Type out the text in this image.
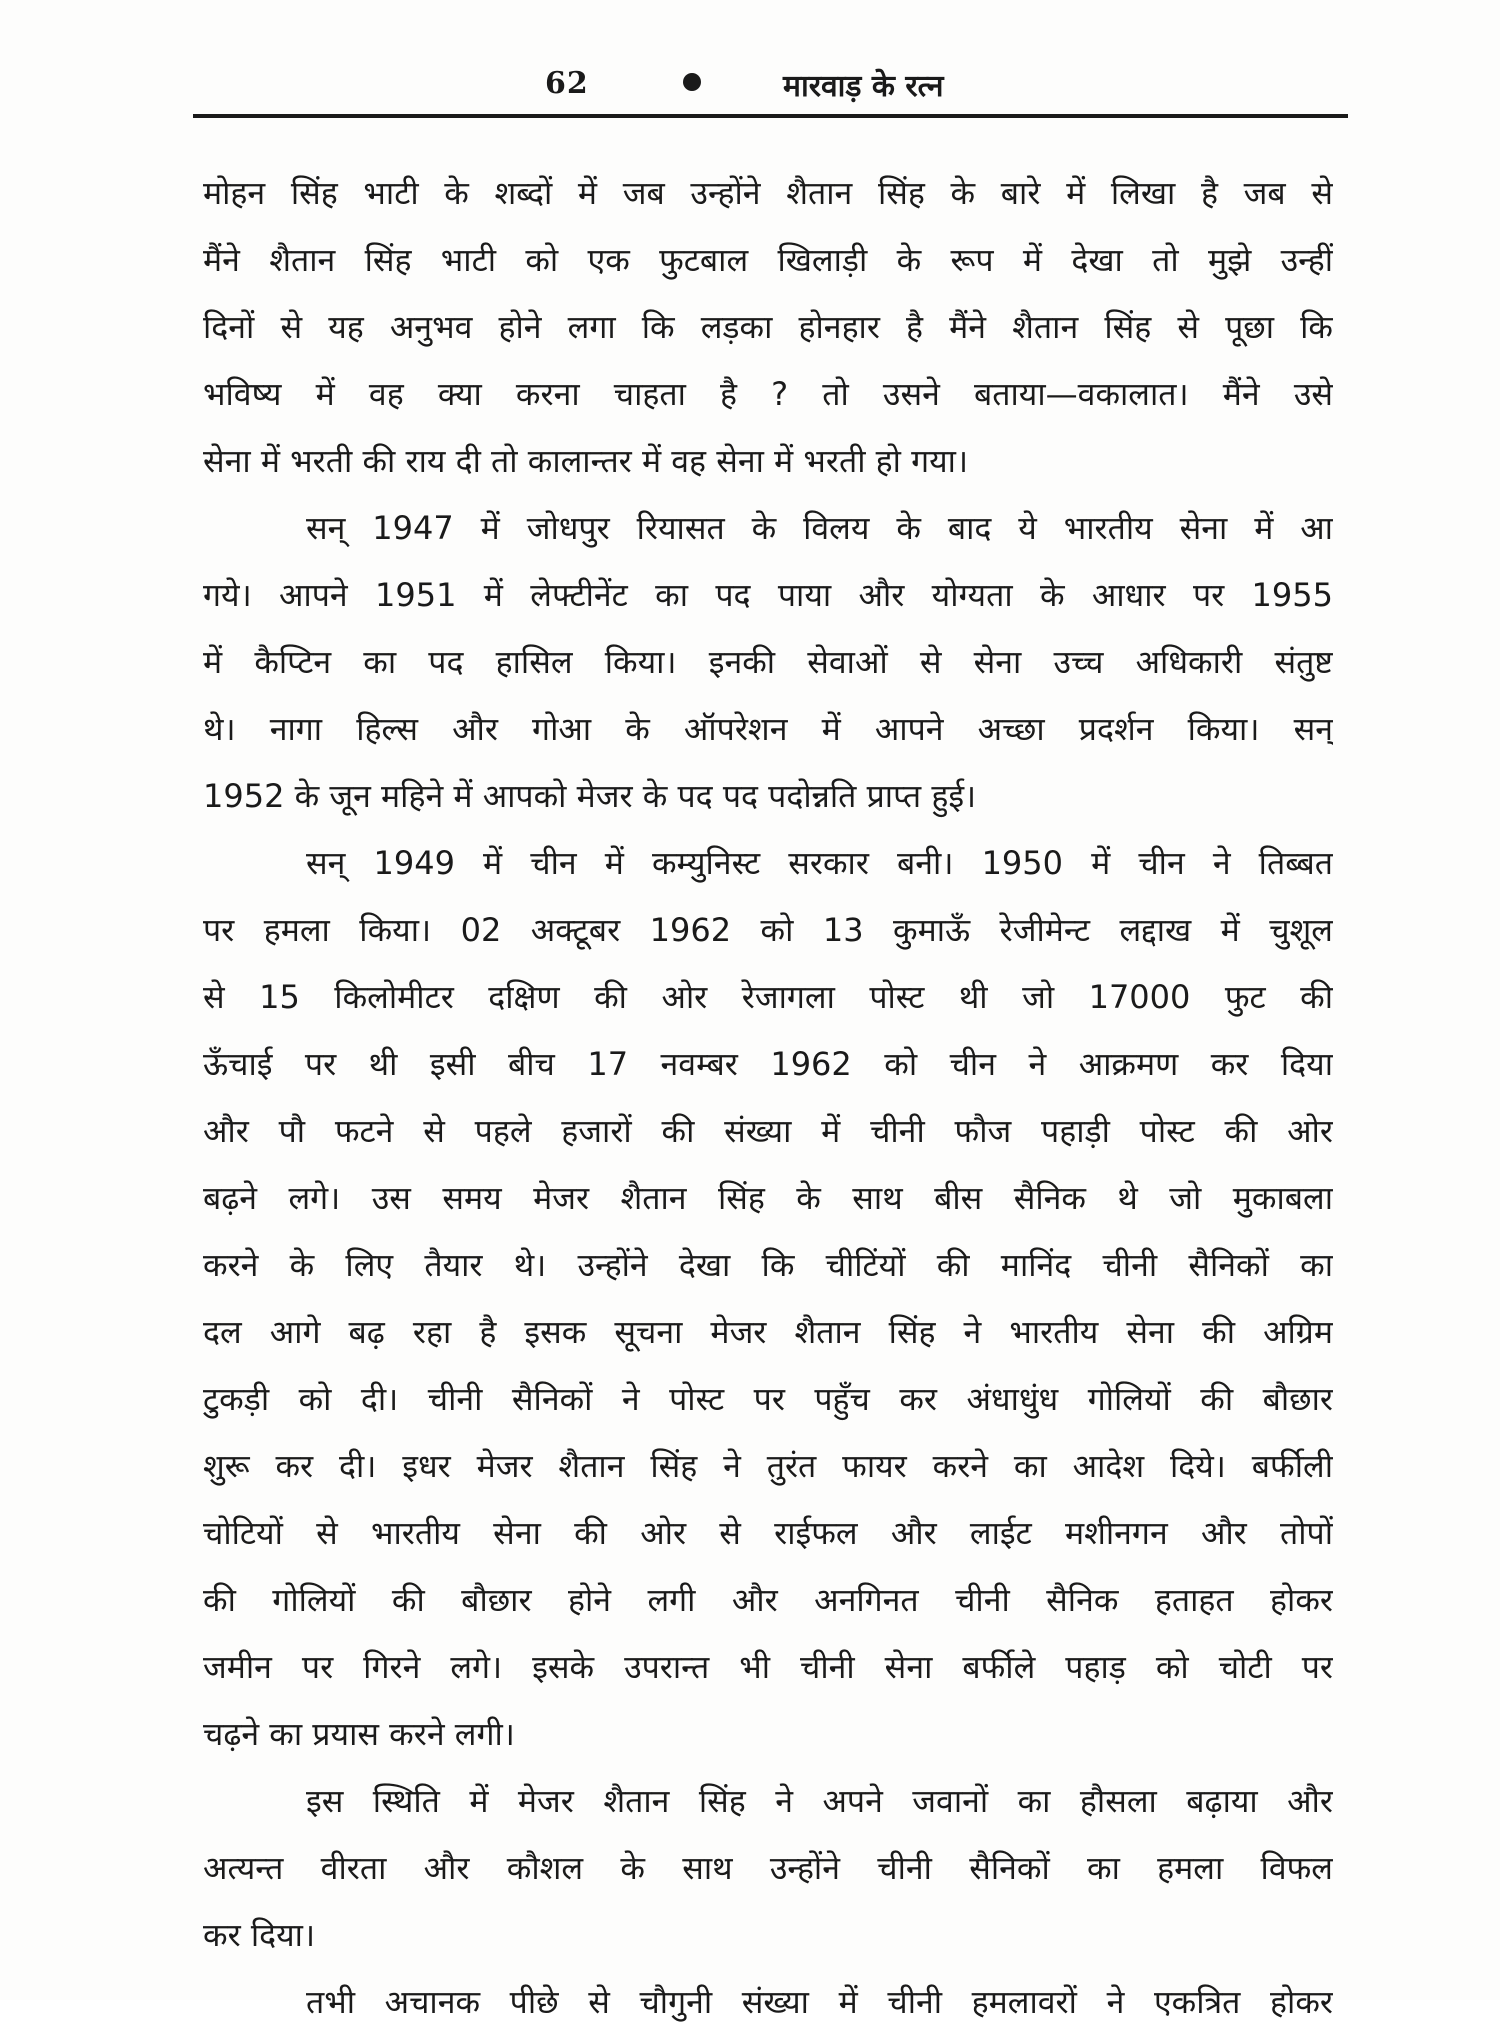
62	मारवाड़ के रत्न
मोहन सिंह भाटी के शब्दों में जब उन्होंने शैतान सिंह के बारे में लिखा है जब से
मैंने शैतान सिंह भाटी को एक फुटबाल खिलाड़ी के रूप में देखा तो मुझे उन्हीं
दिनों से यह अनुभव होने लगा कि लड़का होनहार है मैंने शैतान सिंह से पूछा कि
भविष्य में वह क्या करना चाहता है ? तो उसने बताया—वकालात। मैंने उसे
सेना में भरती की राय दी तो कालान्तर में वह सेना में भरती हो गया।
सन् 1947 में जोधपुर रियासत के विलय के बाद ये भारतीय सेना में आ
गये। आपने 1951 में लेफ्टीनेंट का पद पाया और योग्यता के आधार पर 1955
में कैप्टिन का पद हासिल किया। इनकी सेवाओं से सेना उच्च अधिकारी संतुष्ट
थे। नागा हिल्स और गोआ के ऑपरेशन में आपने अच्छा प्रदर्शन किया। सन्
1952 के जून महिने में आपको मेजर के पद पद पदोन्नति प्राप्त हुई।
सन् 1949 में चीन में कम्युनिस्ट सरकार बनी। 1950 में चीन ने तिब्बत
पर हमला किया। 02 अक्टूबर 1962 को 13 कुमाऊँ रेजीमेन्ट लद्दाख में चुशूल
से 15 किलोमीटर दक्षिण की ओर रेजागला पोस्ट थी जो 17000 फुट की
ऊँचाई पर थी इसी बीच 17 नवम्बर 1962 को चीन ने आक्रमण कर दिया
और पौ फटने से पहले हजारों की संख्या में चीनी फौज पहाड़ी पोस्ट की ओर
बढ़ने लगे। उस समय मेजर शैतान सिंह के साथ बीस सैनिक थे जो मुकाबला
करने के लिए तैयार थे। उन्होंने देखा कि चीटिंयों की मानिंद चीनी सैनिकों का
दल आगे बढ़ रहा है इसक सूचना मेजर शैतान सिंह ने भारतीय सेना की अग्रिम
टुकड़ी को दी। चीनी सैनिकों ने पोस्ट पर पहुँच कर अंधाधुंध गोलियों की बौछार
शुरू कर दी। इधर मेजर शैतान सिंह ने तुरंत फायर करने का आदेश दिये। बर्फीली
चोटियों से भारतीय सेना की ओर से राईफल और लाईट मशीनगन और तोपों
की गोलियों की बौछार होने लगी और अनगिनत चीनी सैनिक हताहत होकर
जमीन पर गिरने लगे। इसके उपरान्त भी चीनी सेना बर्फीले पहाड़ को चोटी पर
चढ़ने का प्रयास करने लगी।
इस स्थिति में मेजर शैतान सिंह ने अपने जवानों का हौसला बढ़ाया और
अत्यन्त वीरता और कौशल के साथ उन्होंने चीनी सैनिकों का हमला विफल
कर दिया।
तभी अचानक पीछे से चौगुनी संख्या में चीनी हमलावरों ने एकत्रित होकर
